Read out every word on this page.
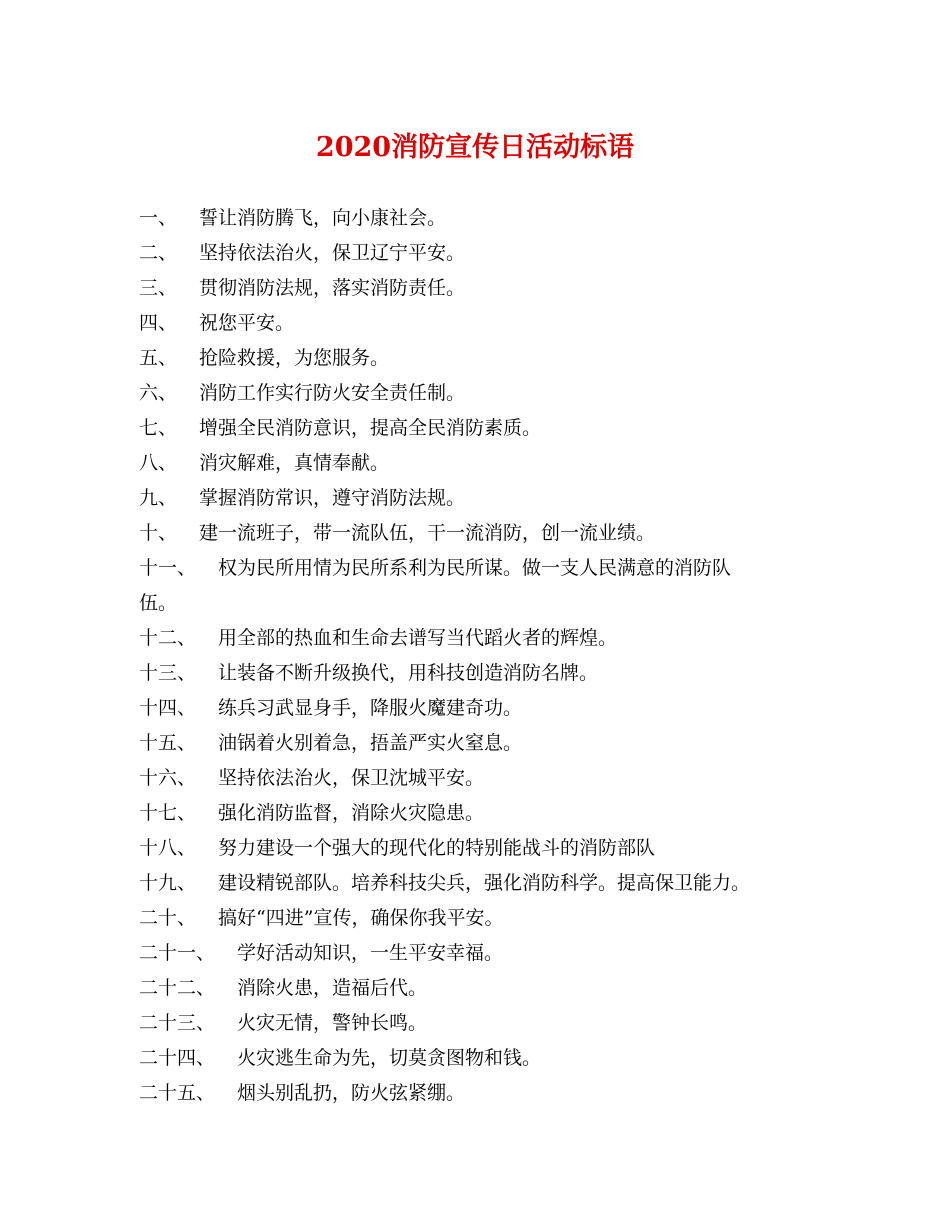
2020消防宣传日活动标语
一、	誓让消防腾飞，向小康社会。
二、	坚持依法治火，保卫辽宁平安。
三、	贯彻消防法规，落实消防责任。
四、	祝您平安。
五、	抢险救援，为您服务。
六、	消防工作实行防火安全责任制。
七、	增强全民消防意识，提高全民消防素质。
八、	消灾解难，真情奉献。
九、	掌握消防常识，遵守消防法规。
十、	建一流班子，带一流队伍，干一流消防，创一流业绩。
十一、	权为民所用情为民所系利为民所谋。做一支人民满意的消防队
伍。
十二、	用全部的热血和生命去谱写当代蹈火者的辉煌。
十三、	让装备不断升级换代，用科技创造消防名牌。
十四、	练兵习武显身手，降服火魔建奇功。
十五、	油锅着火别着急，捂盖严实火窒息。
十六、	坚持依法治火，保卫沈城平安。
十七、	强化消防监督，消除火灾隐患。
十八、	努力建设一个强大的现代化的特别能战斗的消防部队
十九、	建设精锐部队。培养科技尖兵，强化消防科学。提高保卫能力。
二十、	搞好“四进”宣传，确保你我平安。
二十一、	学好活动知识，一生平安幸福。
二十二、	消除火患，造福后代。
二十三、	火灾无情，警钟长鸣。
二十四、	火灾逃生命为先，切莫贪图物和钱。
二十五、	烟头别乱扔，防火弦紧绷。
